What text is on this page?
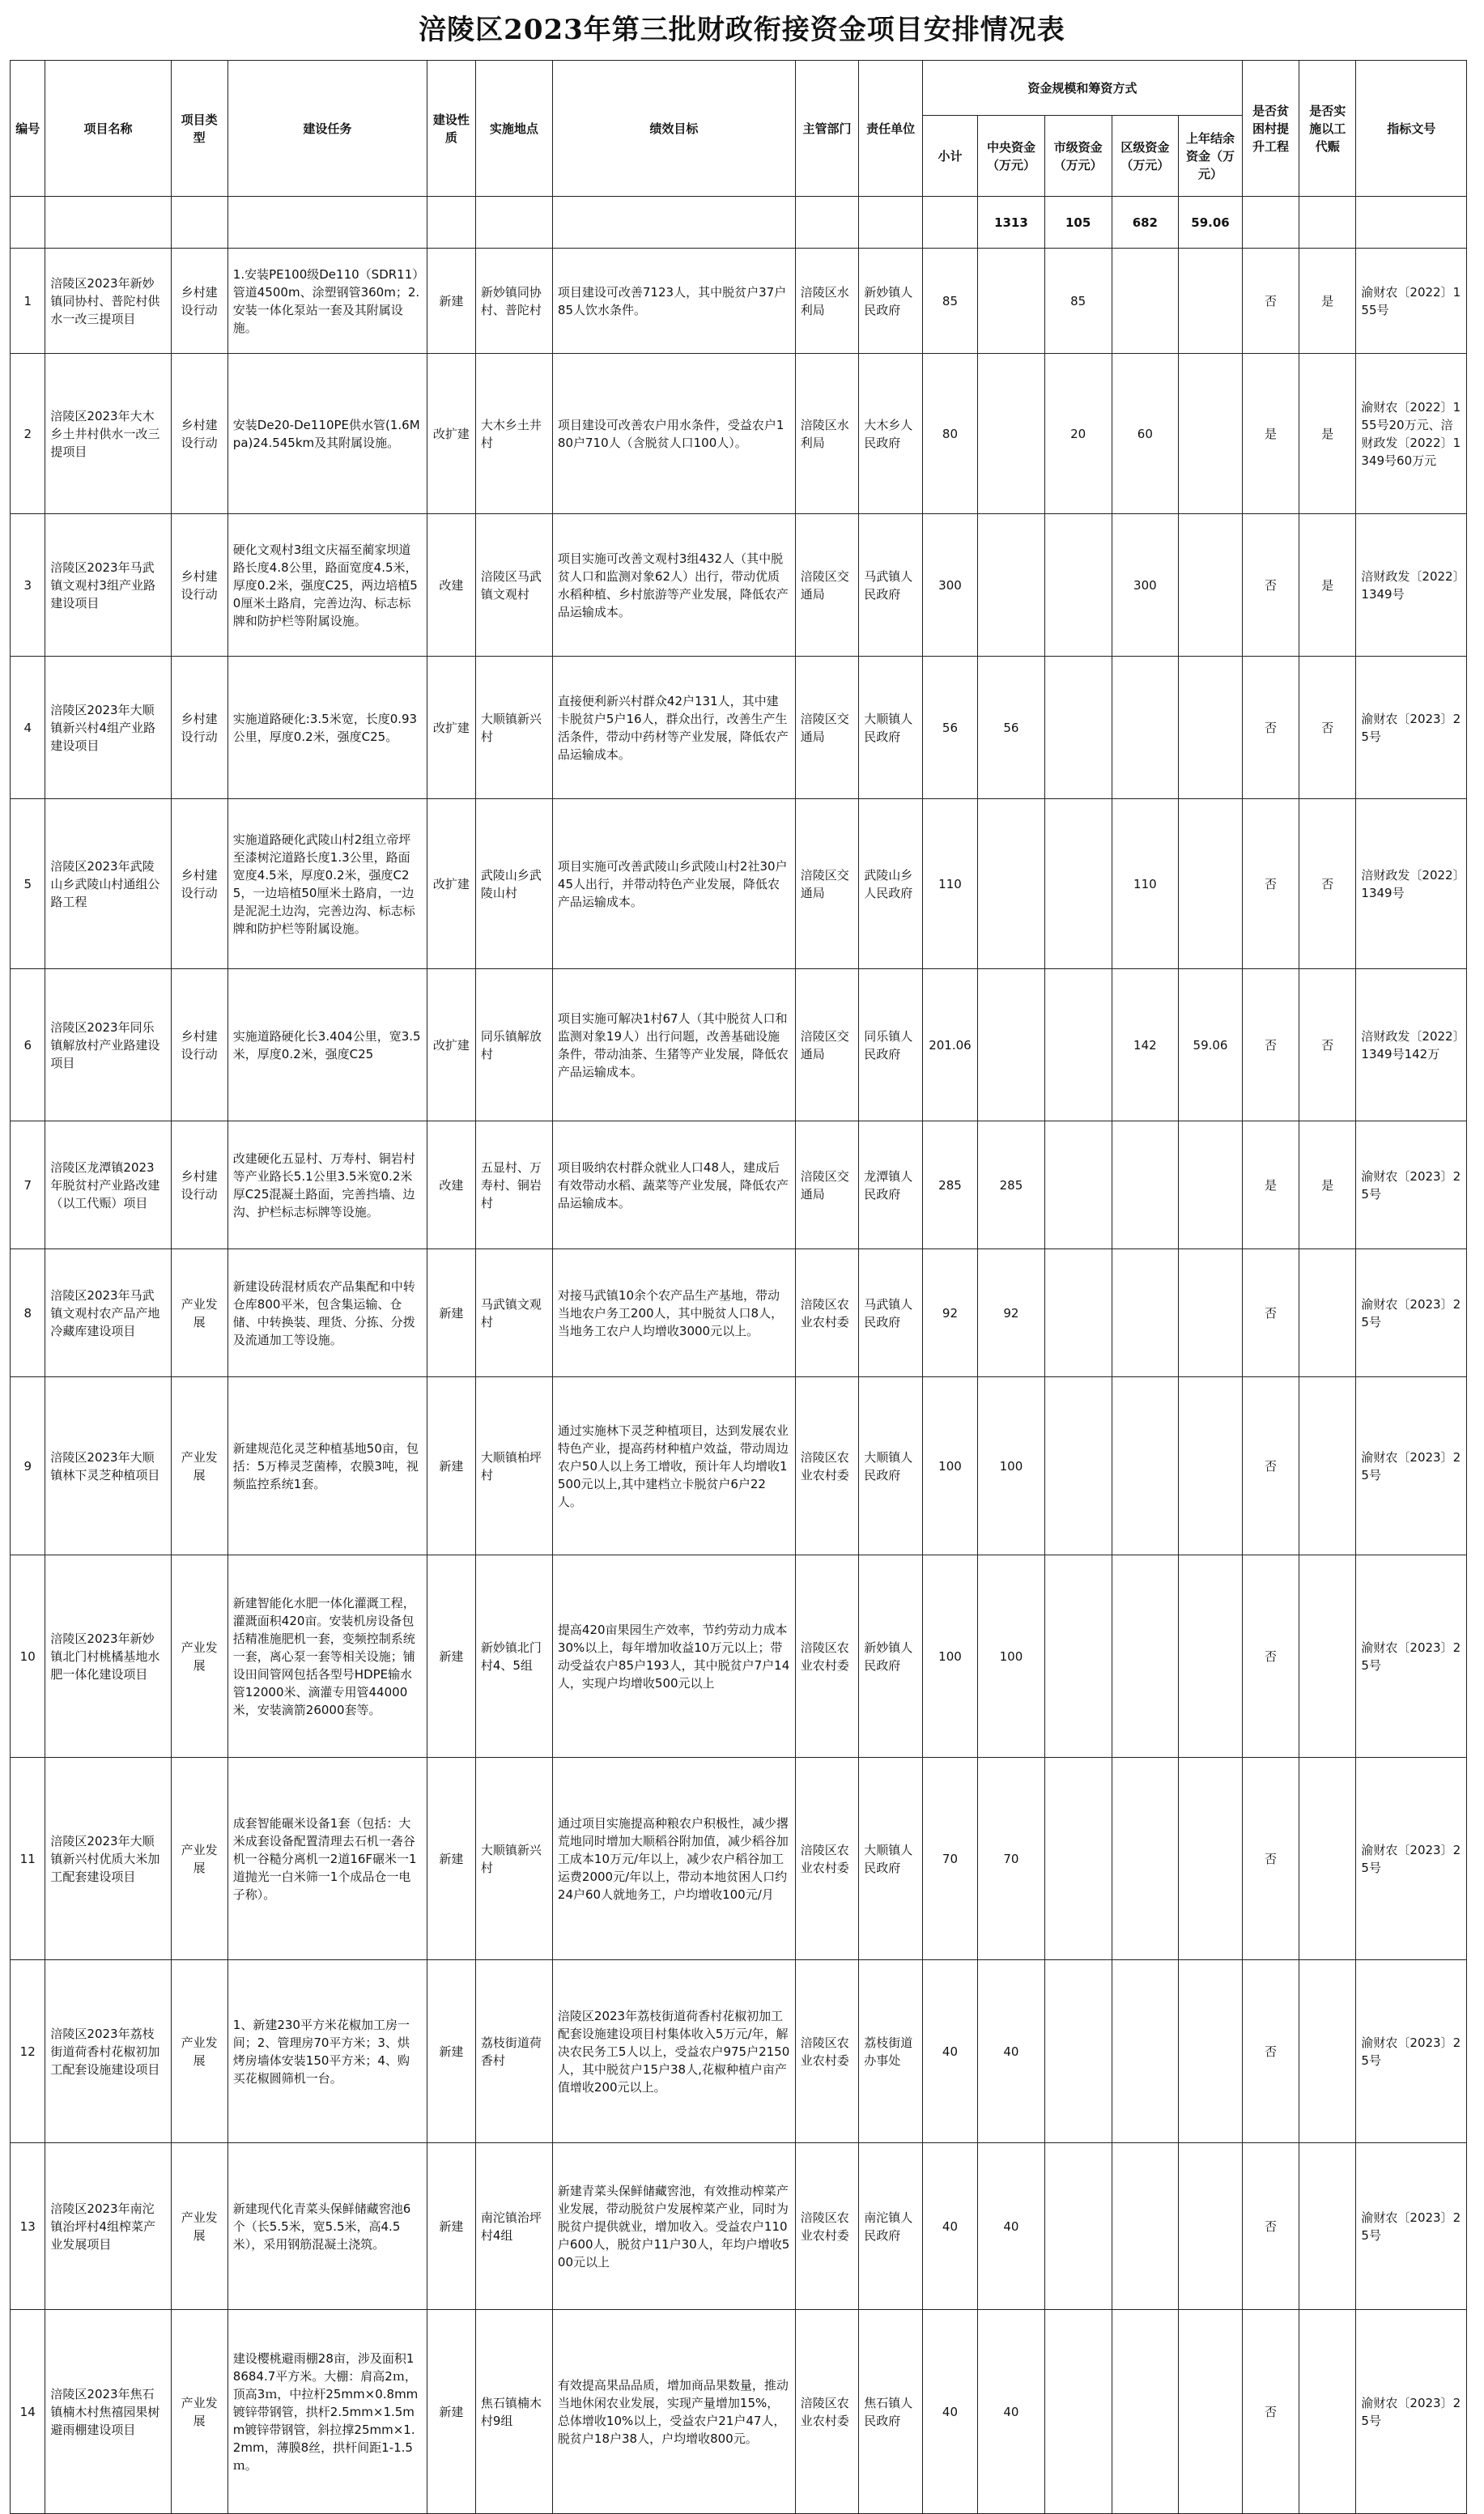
涪陵区2023年第三批财政衔接资金项目安排情况表
编号	项目名称	项目类型	建设任务	建设性质	实施地点	绩效目标	主管部门	责任单位	资金规模和筹资方式					是否贫困村提升工程	是否实施以工代赈	指标文号
									小计	中央资金（万元）	市级资金（万元）	区级资金（万元）	上年结余资金（万元）			
										1313	105	682	59.06			
1	涪陵区2023年新妙镇同协村、普陀村供水一改三提项目	乡村建设行动	1.安装PE100级De110（SDR11）管道4500m、涂塑钢管360m；2.安装一体化泵站一套及其附属设施。	新建	新妙镇同协村、普陀村	项目建设可改善7123人，其中脱贫户37户85人饮水条件。	涪陵区水利局	新妙镇人民政府	85		85			否	是	渝财农〔2022〕155号
2	涪陵区2023年大木乡土井村供水一改三提项目	乡村建设行动	安装De20-De110PE供水管(1.6Mpa)24.545km及其附属设施。	改扩建	大木乡土井村	项目建设可改善农户用水条件，受益农户180户710人（含脱贫人口100人）。	涪陵区水利局	大木乡人民政府	80		20	60		是	是	渝财农〔2022〕155号20万元、涪财政发〔2022〕1349号60万元
3	涪陵区2023年马武镇文观村3组产业路建设项目	乡村建设行动	硬化文观村3组文庆福至蔺家坝道路长度4.8公里，路面宽度4.5米，厚度0.2米，强度C25，两边培植50厘米土路肩，完善边沟、标志标牌和防护栏等附属设施。	改建	涪陵区马武镇文观村	项目实施可改善文观村3组432人（其中脱贫人口和监测对象62人）出行，带动优质水稻种植、乡村旅游等产业发展，降低农产品运输成本。	涪陵区交通局	马武镇人民政府	300			300		否	是	涪财政发〔2022〕1349号
4	涪陵区2023年大顺镇新兴村4组产业路建设项目	乡村建设行动	实施道路硬化:3.5米宽，长度0.93公里，厚度0.2米，强度C25。	改扩建	大顺镇新兴村	直接便利新兴村群众42户131人，其中建卡脱贫户5户16人，群众出行，改善生产生活条件，带动中药材等产业发展，降低农产品运输成本。	涪陵区交通局	大顺镇人民政府	56	56				否	否	渝财农〔2023〕25号
5	涪陵区2023年武陵山乡武陵山村通组公路工程	乡村建设行动	实施道路硬化武陵山村2组立帝坪至漆树沱道路长度1.3公里，路面宽度4.5米，厚度0.2米，强度C25，一边培植50厘米土路肩，一边是泥泥土边沟，完善边沟、标志标牌和防护栏等附属设施。	改扩建	武陵山乡武陵山村	项目实施可改善武陵山乡武陵山村2社30户45人出行，并带动特色产业发展，降低农产品运输成本。	涪陵区交通局	武陵山乡人民政府	110			110		否	否	涪财政发〔2022〕1349号
6	涪陵区2023年同乐镇解放村产业路建设项目	乡村建设行动	实施道路硬化长3.404公里，宽3.5米，厚度0.2米，强度C25	改扩建	同乐镇解放村	项目实施可解决1村67人（其中脱贫人口和监测对象19人）出行问题，改善基础设施条件，带动油茶、生猪等产业发展，降低农产品运输成本。	涪陵区交通局	同乐镇人民政府	201.06			142	59.06	否	否	涪财政发〔2022〕1349号142万
7	涪陵区龙潭镇2023年脱贫村产业路改建（以工代赈）项目	乡村建设行动	改建硬化五显村、万寿村、铜岩村等产业路长5.1公里3.5米宽0.2米厚C25混凝土路面，完善挡墙、边沟、护栏标志标牌等设施。	改建	五显村、万寿村、铜岩村	项目吸纳农村群众就业人口48人，建成后有效带动水稻、蔬菜等产业发展，降低农产品运输成本。	涪陵区交通局	龙潭镇人民政府	285	285				是	是	渝财农〔2023〕25号
8	涪陵区2023年马武镇文观村农产品产地冷藏库建设项目	产业发展	新建设砖混材质农产品集配和中转仓库800平米，包含集运输、仓储、中转换装、理货、分拣、分拨及流通加工等设施。	新建	马武镇文观村	对接马武镇10余个农产品生产基地，带动当地农户务工200人，其中脱贫人口8人，当地务工农户人均增收3000元以上。	涪陵区农业农村委	马武镇人民政府	92	92				否		渝财农〔2023〕25号
9	涪陵区2023年大顺镇林下灵芝种植项目	产业发展	新建规范化灵芝种植基地50亩，包括：5万棒灵芝菌棒，农膜3吨，视频监控系统1套。	新建	大顺镇柏坪村	通过实施林下灵芝种植项目，达到发展农业特色产业，提高药材种植户效益，带动周边农户50人以上务工增收，预计年人均增收1500元以上,其中建档立卡脱贫户6户22人。	涪陵区农业农村委	大顺镇人民政府	100	100				否		渝财农〔2023〕25号
10	涪陵区2023年新妙镇北门村桃橘基地水肥一体化建设项目	产业发展	新建智能化水肥一体化灌溉工程，灌溉面积420亩。安装机房设备包括精准施肥机一套，变频控制系统一套，离心泵一套等相关设施；铺设田间管网包括各型号HDPE输水管12000米、滴灌专用管44000米，安装滴箭26000套等。	新建	新妙镇北门村4、5组	提高420亩果园生产效率，节约劳动力成本30%以上，每年增加收益10万元以上；带动受益农户85户193人，其中脱贫户7户14人，实现户均增收500元以上	涪陵区农业农村委	新妙镇人民政府	100	100				否		渝财农〔2023〕25号
11	涪陵区2023年大顺镇新兴村优质大米加工配套建设项目	产业发展	成套智能碾米设备1套（包括：大米成套设备配置清理去石机一砻谷机一谷糙分离机一2道16F碾米一1道抛光一白米筛一1个成品仓一电子称）。	新建	大顺镇新兴村	通过项目实施提高种粮农户积极性，减少撂荒地同时增加大顺稻谷附加值，减少稻谷加工成本10万元/年以上，减少农户稻谷加工运费2000元/年以上，带动本地贫困人口约24户60人就地务工，户均增收100元/月	涪陵区农业农村委	大顺镇人民政府	70	70				否		渝财农〔2023〕25号
12	涪陵区2023年荔枝街道荷香村花椒初加工配套设施建设项目	产业发展	1、新建230平方米花椒加工房一间；2、管理房70平方米；3、烘烤房墙体安装150平方米；4、购买花椒圆筛机一台。	新建	荔枝街道荷香村	涪陵区2023年荔枝街道荷香村花椒初加工配套设施建设项目村集体收入5万元/年，解决农民务工5人以上，受益农户975户2150人，其中脱贫户15户38人,花椒种植户亩产值增收200元以上。	涪陵区农业农村委	荔枝街道办事处	40	40				否		渝财农〔2023〕25号
13	涪陵区2023年南沱镇治坪村4组榨菜产业发展项目	产业发展	新建现代化青菜头保鲜储藏窖池6个（长5.5米，宽5.5米，高4.5米），采用钢筋混凝土浇筑。	新建	南沱镇治坪村4组	新建青菜头保鲜储藏窖池，有效推动榨菜产业发展，带动脱贫户发展榨菜产业，同时为脱贫户提供就业，增加收入。受益农户110户600人，脱贫户11户30人，年均户增收500元以上	涪陵区农业农村委	南沱镇人民政府	40	40				否		渝财农〔2023〕25号
14	涪陵区2023年焦石镇楠木村焦禧园果树避雨棚建设项目	产业发展	建设樱桃避雨棚28亩，涉及面积18684.7平方米。大棚：肩高2ｍ，顶高3ｍ，中拉杆25mm×0.8mm镀锌带钢管，拱杆2.5mm×1.5mm镀锌带钢管，斜拉撑25mm×1.2mm，薄膜8丝，拱杆间距1-1.5ｍ。	新建	焦石镇楠木村9组	有效提高果品品质，增加商品果数量，推动当地休闲农业发展，实现产量增加15%，总体增收10%以上，受益农户21户47人，脱贫户18户38人，户均增收800元。	涪陵区农业农村委	焦石镇人民政府	40	40				否		渝财农〔2023〕25号
